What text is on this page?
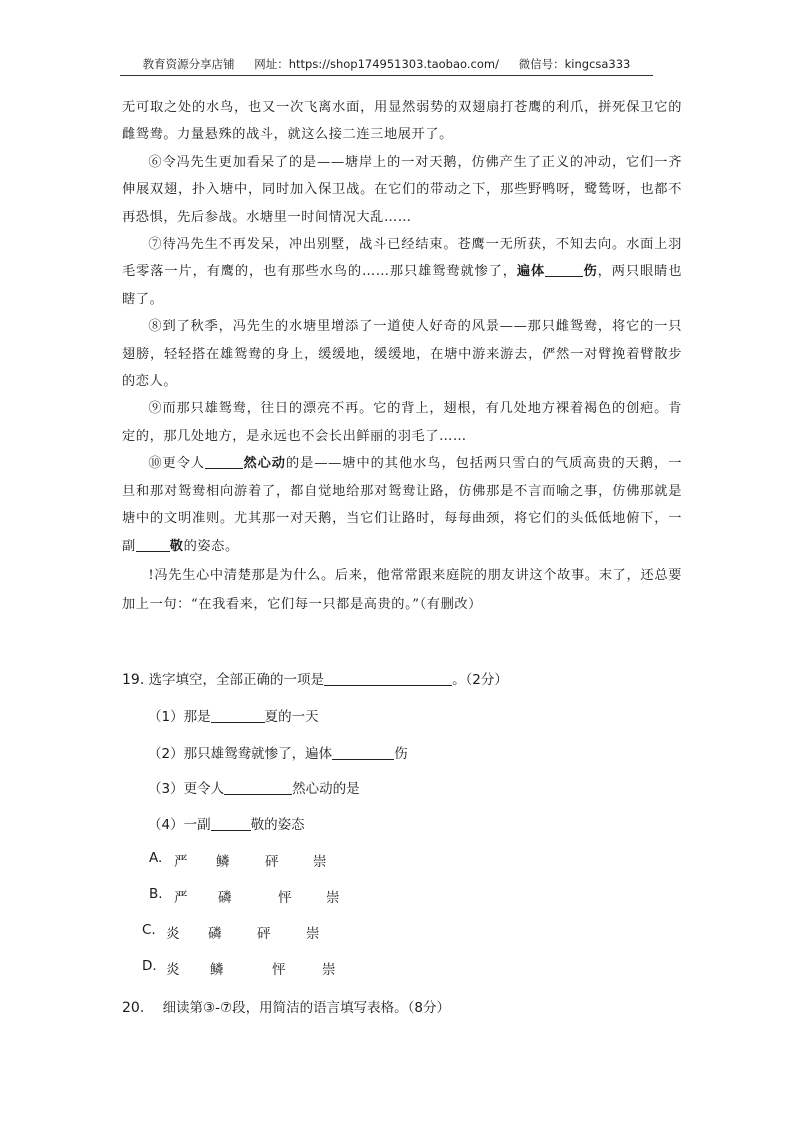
教育资源分享店铺 网址：https://shop174951303.taobao.com/ 微信号：kingcsa333

无可取之处的水鸟，也又一次飞离水面，用显然弱势的双翅扇打苍鹰的利爪，拼死保卫它的雌鸳鸯。力量悬殊的战斗，就这么接二连三地展开了。

⑥令冯先生更加看呆了的是——塘岸上的一对天鹅，仿佛产生了正义的冲动，它们一齐伸展双翅，扑入塘中，同时加入保卫战。在它们的带动之下，那些野鸭呀，鹭鸶呀，也都不再恐惧，先后参战。水塘里一时间情况大乱……

⑦待冯先生不再发呆，冲出别墅，战斗已经结束。苍鹰一无所获，不知去向。水面上羽毛零落一片，有鹰的，也有那些水鸟的……那只雄鸳鸯就惨了，遍体	伤，两只眼睛也瞎了。

⑧到了秋季，冯先生的水塘里增添了一道使人好奇的风景——那只雌鸳鸯，将它的一只翅膀，轻轻搭在雄鸳鸯的身上，缓缓地，缓缓地，在塘中游来游去，俨然一对臂挽着臂散步的恋人。

⑨而那只雄鸳鸯，往日的漂亮不再。它的背上，翅根，有几处地方裸着褐色的创疤。肯定的，那几处地方，是永远也不会长出鲜丽的羽毛了……

⑩更令人	然心动的是——塘中的其他水鸟，包括两只雪白的气质高贵的天鹅，一旦和那对鸳鸯相向游着了，都自觉地给那对鸳鸯让路，仿佛那是不言而喻之事，仿佛那就是塘中的文明准则。尤其那一对天鹅，当它们让路时，每每曲颈，将它们的头低低地俯下，一副	敬的姿态。

!冯先生心中清楚那是为什么。后来，他常常跟来庭院的朋友讲这个故事。末了，还总要加上一句：“在我看来，它们每一只都是高贵的。”（有删改）

19. 选字填空，全部正确的一项是	。（2分）
（1）那是	夏的一天
（2）那只雄鸳鸯就惨了，遍体	伤
（3）更令人	然心动的是
（4）一副	敬的姿态
A. 严 鳞	砰	崇
B. 严 磷	怦	崇
C. 炎 磷	砰	崇
D. 炎 鳞	怦	崇
20. 细读第③-⑦段，用简洁的语言填写表格。（8分）
